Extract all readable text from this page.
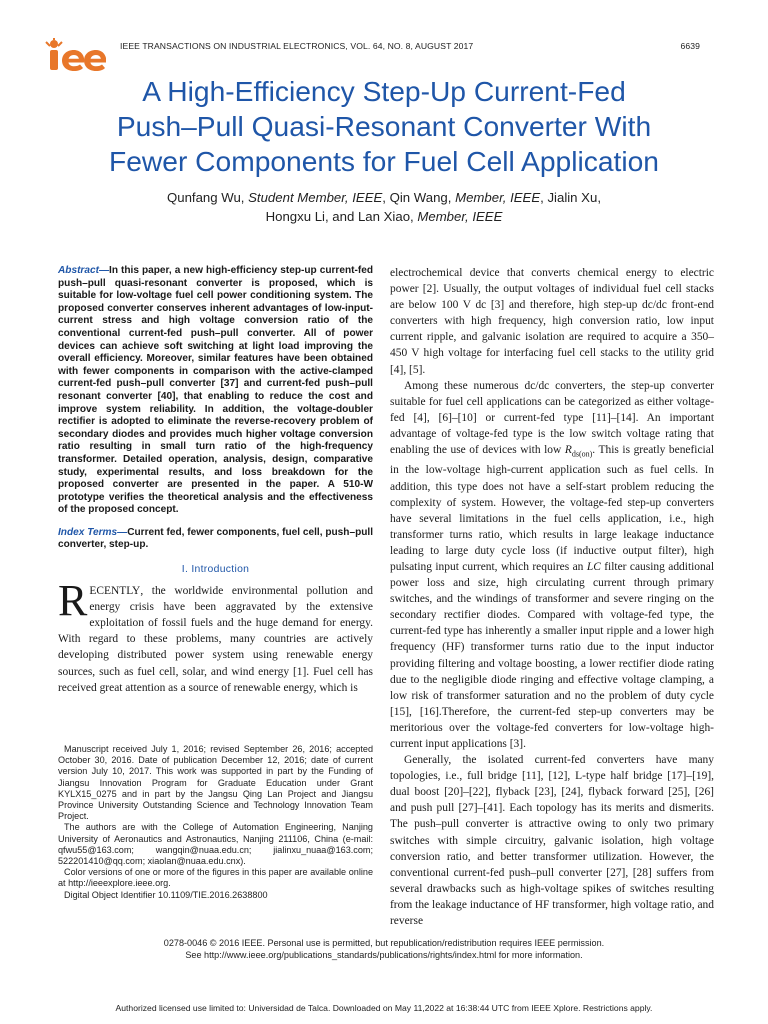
IEEE TRANSACTIONS ON INDUSTRIAL ELECTRONICS, VOL. 64, NO. 8, AUGUST 2017	6639
A High-Efficiency Step-Up Current-Fed
Push–Pull Quasi-Resonant Converter With
Fewer Components for Fuel Cell Application

Qunfang Wu, Student Member, IEEE, Qin Wang, Member, IEEE, Jialin Xu,
Hongxu Li, and Lan Xiao, Member, IEEE

Abstract—In this paper, a new high-efficiency step-up current-fed push–pull quasi-resonant converter is proposed, which is suitable for low-voltage fuel cell power conditioning system. The proposed converter conserves inherent advantages of low-input-current stress and high voltage conversion ratio of the conventional current-fed push–pull converter. All of power devices can achieve soft switching at light load improving the overall efficiency. Moreover, similar features have been obtained with fewer components in comparison with the active-clamped current-fed push–pull converter [37] and current-fed push–pull resonant converter [40], that enabling to reduce the cost and improve system reliability. In addition, the voltage-doubler rectifier is adopted to eliminate the reverse-recovery problem of secondary diodes and provides much higher voltage conversion ratio resulting in small turn ratio of the high-frequency transformer. Detailed operation, analysis, design, comparative study, experimental results, and loss breakdown for the proposed converter are presented in the paper. A 510-W prototype verifies the theoretical analysis and the effectiveness of the proposed concept.

Index Terms—Current fed, fewer components, fuel cell, push–pull converter, step-up.

I. Introduction

RECENTLY, the worldwide environmental pollution and energy crisis have been aggravated by the extensive exploitation of fossil fuels and the huge demand for energy. With regard to these problems, many countries are actively developing distributed power system using renewable energy sources, such as fuel cell, solar, and wind energy [1]. Fuel cell has received great attention as a source of renewable energy, which is

Manuscript received July 1, 2016; revised September 26, 2016; accepted October 30, 2016. Date of publication December 12, 2016; date of current version July 10, 2017. This work was supported in part by the Funding of Jiangsu Innovation Program for Graduate Education under Grant KYLX15_0275 and in part by the Jangsu Qing Lan Project and Jiangsu Province University Outstanding Science and Technology Innovation Team Project.

The authors are with the College of Automation Engineering, Nanjing University of Aeronautics and Astronautics, Nanjing 211106, China (e-mail: qfwu55@163.com; wangqin@nuaa.edu.cn; jialinxu_nuaa@163.com; 522201410@qq.com; xiaolan@nuaa.edu.cnx).

Color versions of one or more of the figures in this paper are available online at http://ieeexplore.ieee.org.

Digital Object Identifier 10.1109/TIE.2016.2638800

electrochemical device that converts chemical energy to electric power [2]. Usually, the output voltages of individual fuel cell stacks are below 100 V dc [3] and therefore, high step-up dc/dc front-end converters with high frequency, high conversion ratio, low input current ripple, and galvanic isolation are required to acquire a 350–450 V high voltage for interfacing fuel cell stacks to the utility grid [4], [5].

Among these numerous dc/dc converters, the step-up converter suitable for fuel cell applications can be categorized as either voltage-fed [4], [6]–[10] or current-fed type [11]–[14]. An important advantage of voltage-fed type is the low switch voltage rating that enabling the use of devices with low $R_{ds(on)}$. This is greatly beneficial in the low-voltage high-current application such as fuel cells. In addition, this type does not have a self-start problem reducing the complexity of system. However, the voltage-fed step-up converters have several limitations in the fuel cells application, i.e., high transformer turns ratio, which results in large leakage inductance leading to large duty cycle loss (if inductive output filter), high pulsating input current, which requires an LC filter causing additional power loss and size, high circulating current through primary switches, and the windings of transformer and severe ringing on the secondary rectifier diodes. Compared with voltage-fed type, the current-fed type has inherently a smaller input ripple and a lower high frequency (HF) transformer turns ratio due to the input inductor providing filtering and voltage boosting, a lower rectifier diode rating due to the negligible diode ringing and effective voltage clamping, a low risk of transformer saturation and no the problem of duty cycle [15], [16].Therefore, the current-fed step-up converters may be meritorious over the voltage-fed converters for low-voltage high-current input applications [3].

Generally, the isolated current-fed converters have many topologies, i.e., full bridge [11], [12], L-type half bridge [17]–[19], dual boost [20]–[22], flyback [23], [24], flyback forward [25], [26] and push pull [27]–[41]. Each topology has its merits and dismerits. The push–pull converter is attractive owing to only two primary switches with simple circuitry, galvanic isolation, high voltage conversion ratio, and better transformer utilization. However, the conventional current-fed push–pull converter [27], [28] suffers from several drawbacks such as high-voltage spikes of switches resulting from the leakage inductance of HF transformer, high voltage ratio, and reverse

0278-0046 © 2016 IEEE. Personal use is permitted, but republication/redistribution requires IEEE permission.
See http://www.ieee.org/publications_standards/publications/rights/index.html for more information.

Authorized licensed use limited to: Universidad de Talca. Downloaded on May 11,2022 at 16:38:44 UTC from IEEE Xplore. Restrictions apply.
